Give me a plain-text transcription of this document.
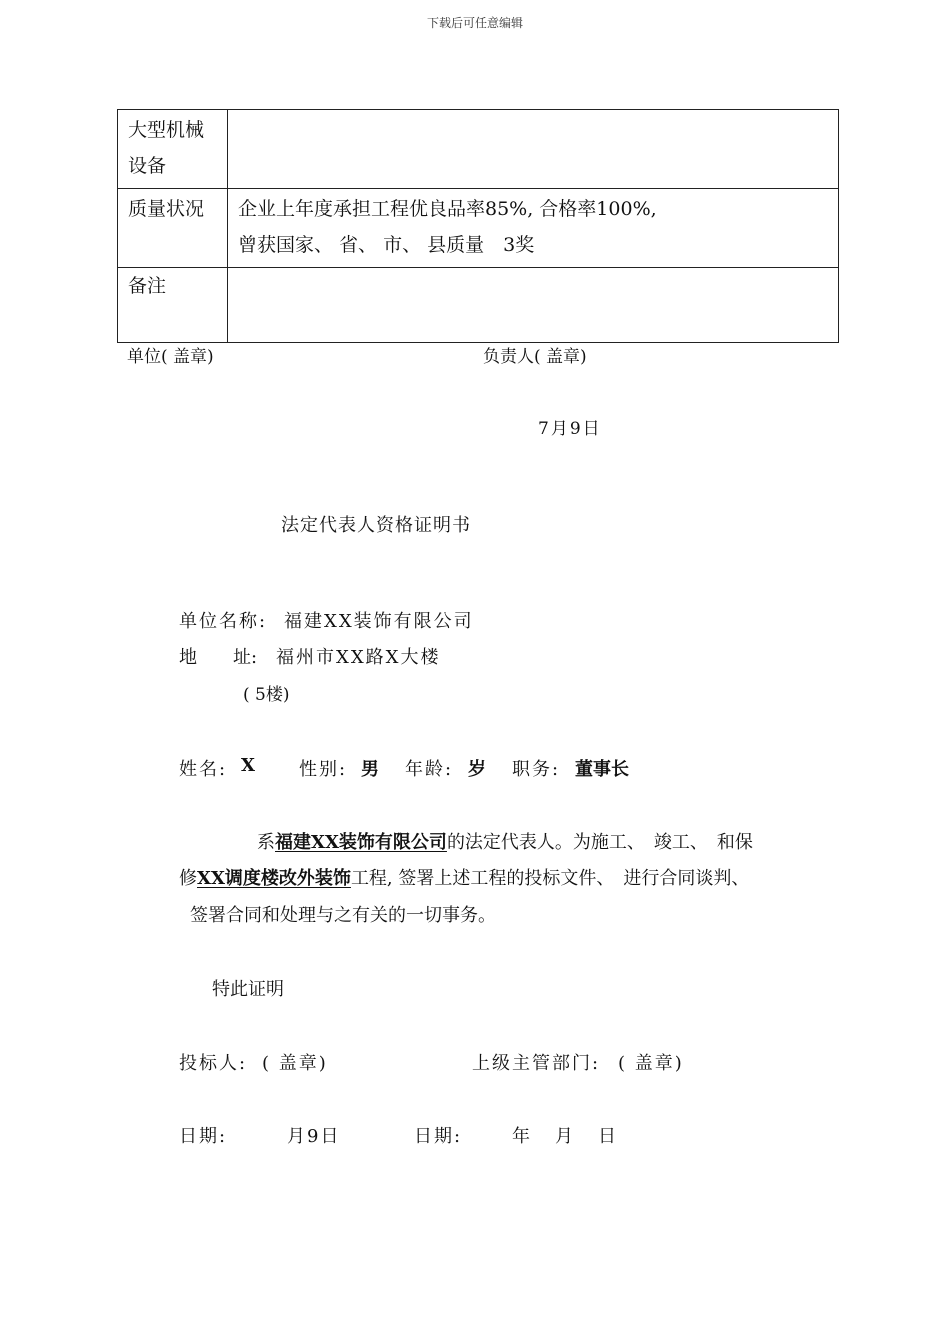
下载后可任意编辑
大型机械设备	
质量状况	企业上年度承担工程优良品率85%, 合格率100%,
曾获国家、 省、 市、 县质量　3奖

备注	
单位( 盖章)	负责人( 盖章)
7月9日
法定代表人资格证明书
单位名称: 福建XX装饰有限公司
地　　址: 福州市XX路X大楼
( 5楼)
姓名: X 性别: 男 年龄: 岁 职务: 董事长
系福建XX装饰有限公司的法定代表人。为施工、　竣工、　和保
修XX调度楼改外装饰工程, 签署上述工程的投标文件、　进行合同谈判、
签署合同和处理与之有关的一切事务。
特此证明
投标人: ( 盖章)	上级主管部门: ( 盖章)
日期:	月9日	日期:	年 月 日
